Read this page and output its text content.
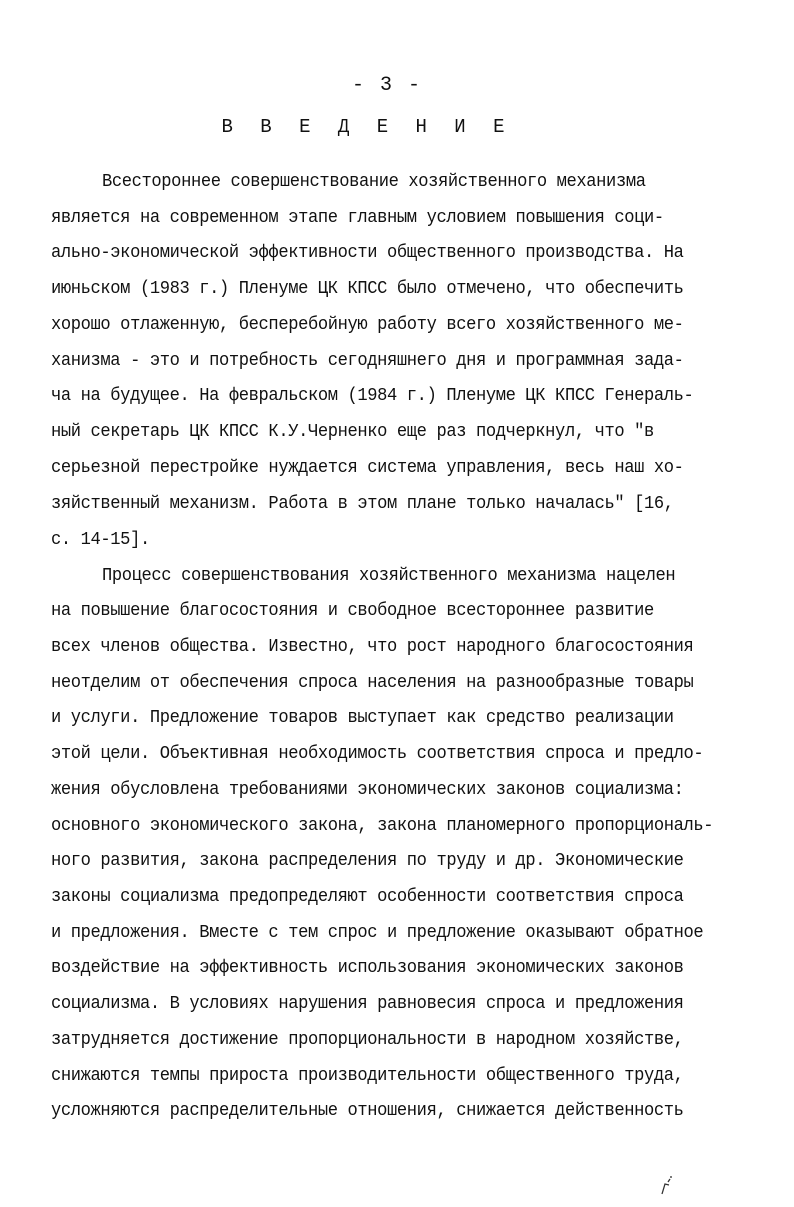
- 3 -
В В Е Д Е Н И Е
Всестороннее совершенствование хозяйственного механизма
является на современном этапе главным условием повышения соци-
ально-экономической эффективности общественного производства. На
июньском (1983 г.) Пленуме ЦК КПСС было отмечено, что обеспечить
хорошо отлаженную, бесперебойную работу всего хозяйственного ме-
ханизма - это и потребность сегодняшнего дня и программная зада-
ча на будущее. На февральском (1984 г.) Пленуме ЦК КПСС Генераль-
ный секретарь ЦК КПСС К.У.Черненко еще раз подчеркнул, что "в
серьезной перестройке нуждается система управления, весь наш хо-
зяйственный механизм. Работа в этом плане только началась" [16,
с. 14-15].
Процесс совершенствования хозяйственного механизма нацелен
на повышение благосостояния и свободное всестороннее развитие
всех членов общества. Известно, что рост народного благосостояния
неотделим от обеспечения спроса населения на разнообразные товары
и услуги. Предложение товаров выступает как средство реализации
этой цели. Объективная необходимость соответствия спроса и предло-
жения обусловлена требованиями экономических законов социализма:
основного экономического закона, закона планомерного пропорциональ-
ного развития, закона распределения по труду и др. Экономические
законы социализма предопределяют особенности соответствия спроса
и предложения. Вместе с тем спрос и предложение оказывают обратное
воздействие на эффективность использования экономических законов
социализма. В условиях нарушения равновесия спроса и предложения
затрудняется достижение пропорциональности в народном хозяйстве,
снижаются темпы прироста производительности общественного труда,
усложняются распределительные отношения, снижается действенность
